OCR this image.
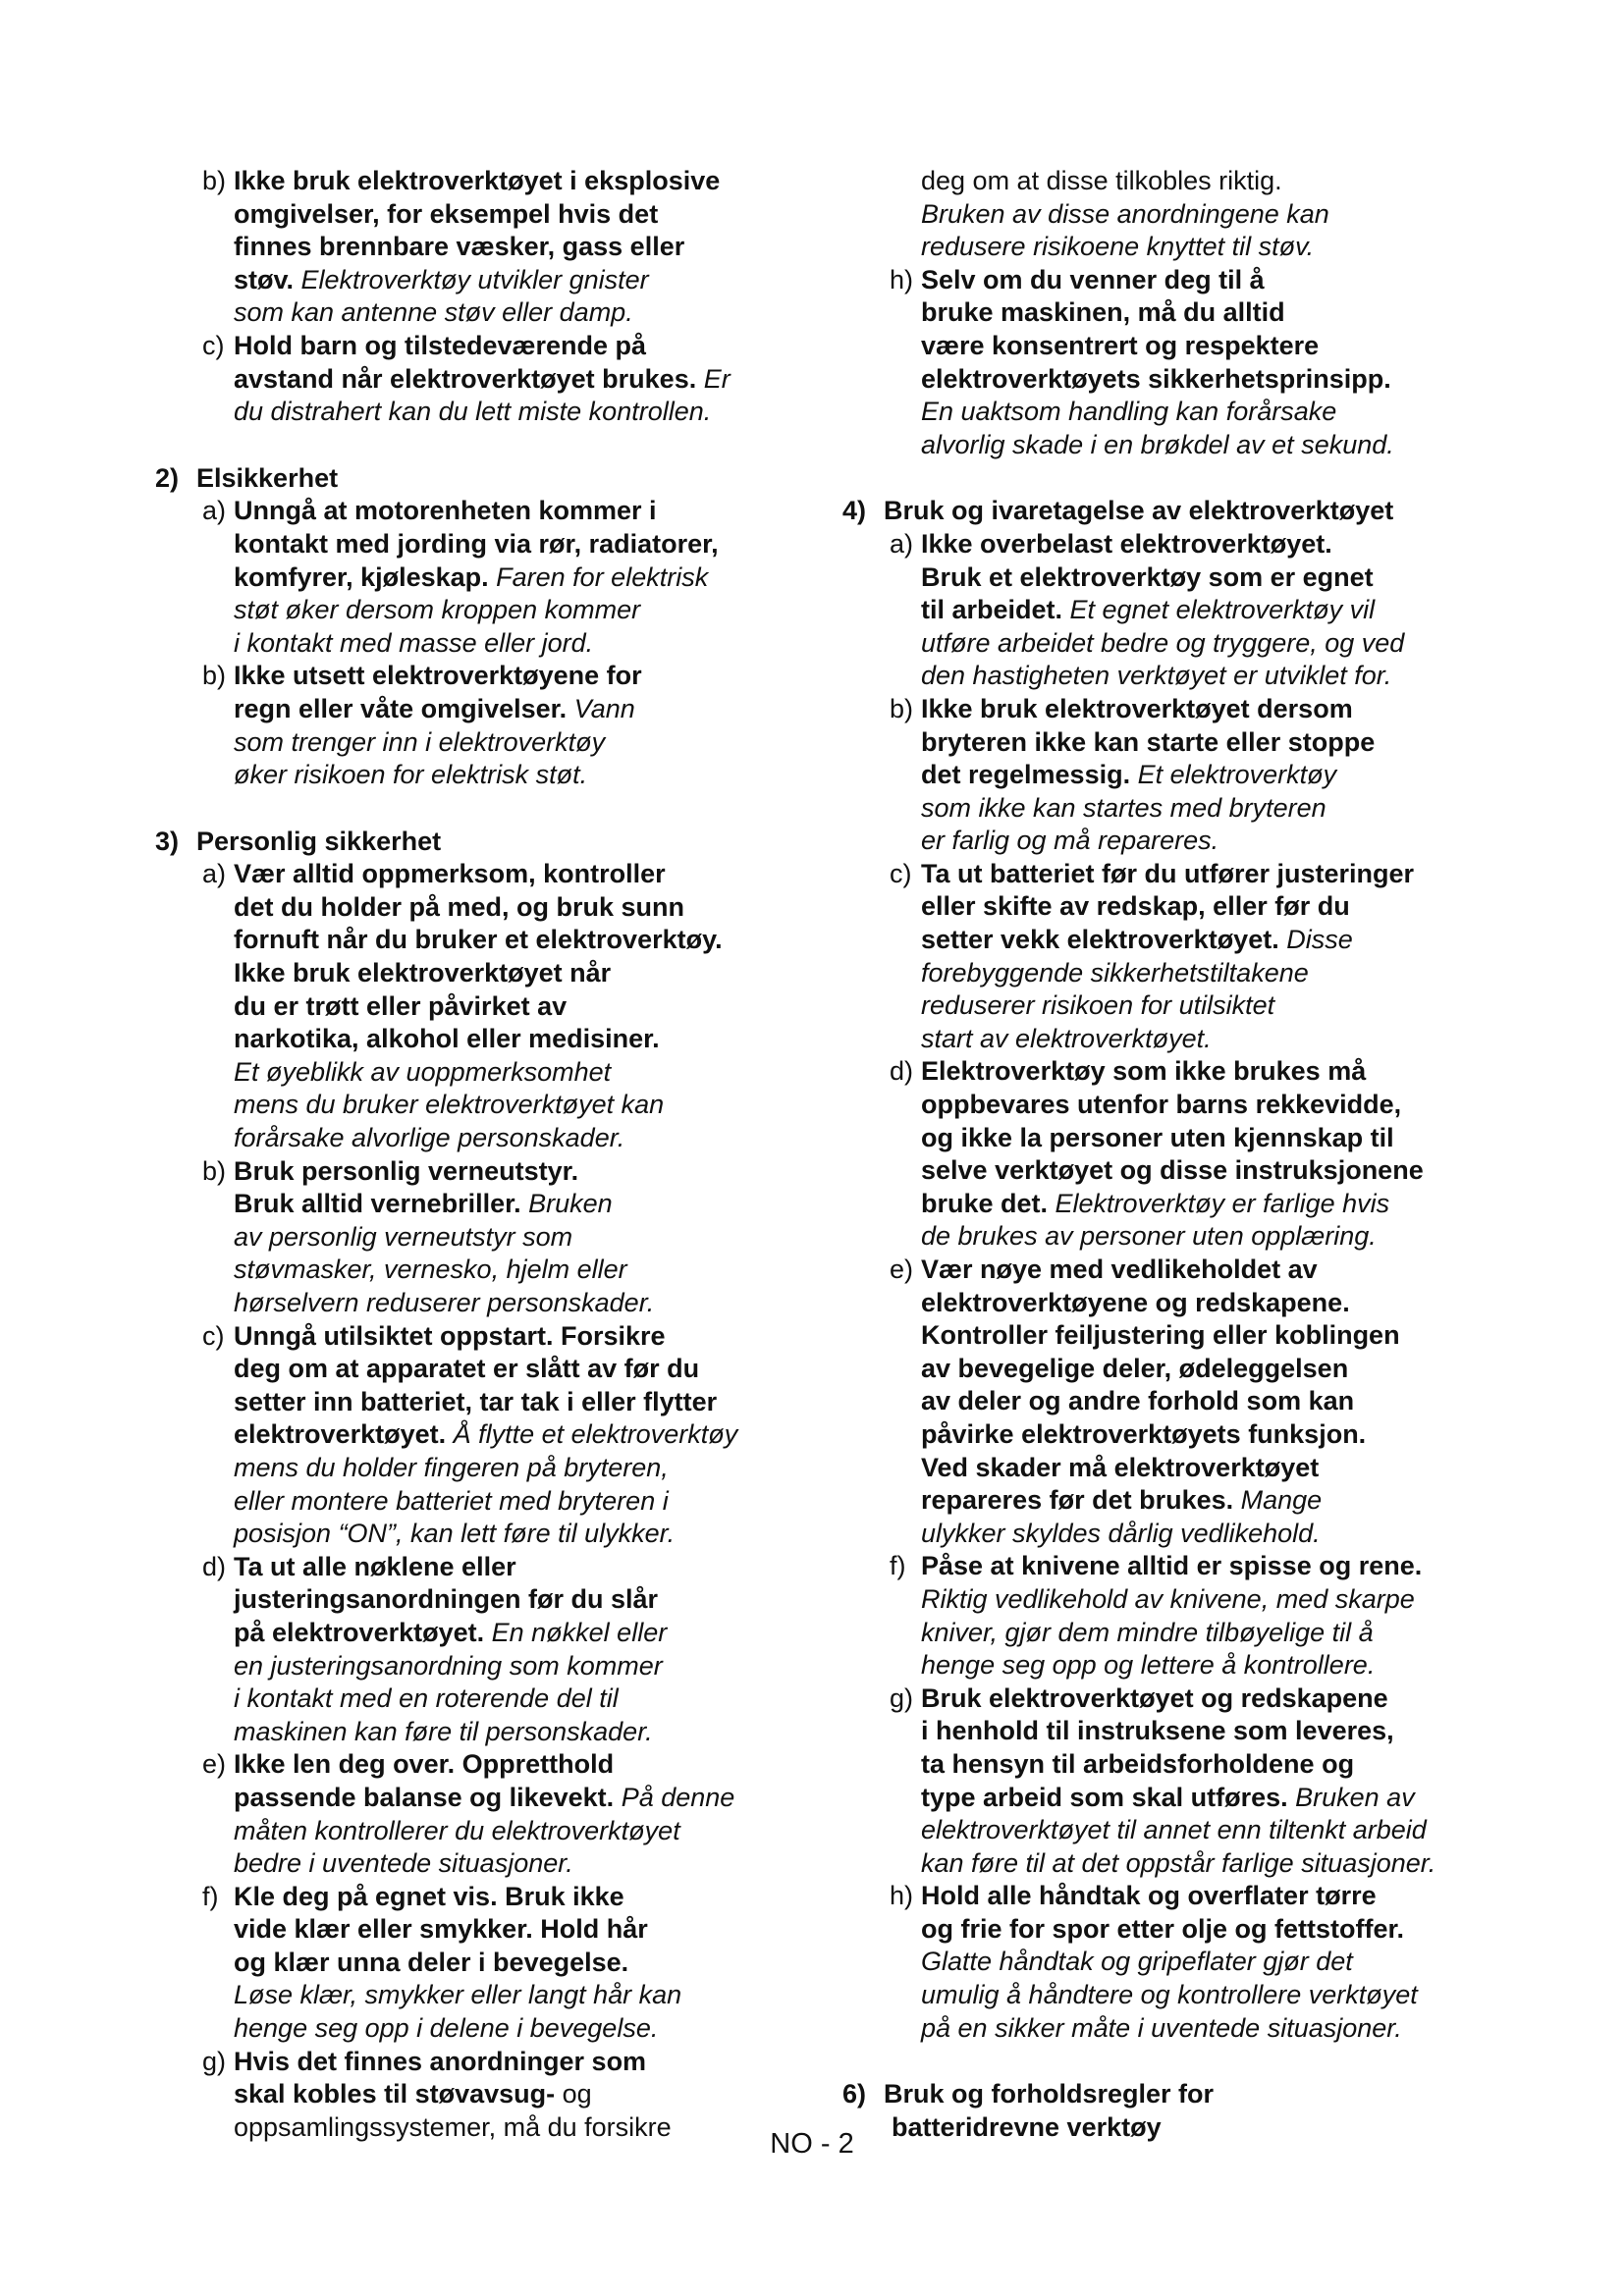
b) Ikke bruk elektroverktøyet i eksplosive
omgivelser, for eksempel hvis det
finnes brennbare væsker, gass eller
støv. Elektroverktøy utvikler gnister
som kan antenne støv eller damp.
c) Hold barn og tilstedeværende på
avstand når elektroverktøyet brukes. Er
du distrahert kan du lett miste kontrollen.
2) Elsikkerhet
a) Unngå at motorenheten kommer i
kontakt med jording via rør, radiatorer,
komfyrer, kjøleskap. Faren for elektrisk
støt øker dersom kroppen kommer
i kontakt med masse eller jord.
b) Ikke utsett elektroverktøyene for
regn eller våte omgivelser. Vann
som trenger inn i elektroverktøy
øker risikoen for elektrisk støt.
3) Personlig sikkerhet
a) Vær alltid oppmerksom, kontroller
det du holder på med, og bruk sunn
fornuft når du bruker et elektroverktøy.
Ikke bruk elektroverktøyet når
du er trøtt eller påvirket av
narkotika, alkohol eller medisiner.
Et øyeblikk av uoppmerksomhet
mens du bruker elektroverktøyet kan
forårsake alvorlige personskader.
b) Bruk personlig verneutstyr.
Bruk alltid vernebriller. Bruken
av personlig verneutstyr som
støvmasker, vernesko, hjelm eller
hørselvern reduserer personskader.
c) Unngå utilsiktet oppstart. Forsikre
deg om at apparatet er slått av før du
setter inn batteriet, tar tak i eller flytter
elektroverktøyet. Å flytte et elektroverktøy
mens du holder fingeren på bryteren,
eller montere batteriet med bryteren i
posisjon “ON”, kan lett føre til ulykker.
d) Ta ut alle nøklene eller
justeringsanordningen før du slår
på elektroverktøyet. En nøkkel eller
en justeringsanordning som kommer
i kontakt med en roterende del til
maskinen kan føre til personskader.
e) Ikke len deg over. Oppretthold
passende balanse og likevekt. På denne
måten kontrollerer du elektroverktøyet
bedre i uventede situasjoner.
f) Kle deg på egnet vis. Bruk ikke
vide klær eller smykker. Hold hår
og klær unna deler i bevegelse.
Løse klær, smykker eller langt hår kan
henge seg opp i delene i bevegelse.
g) Hvis det finnes anordninger som
skal kobles til støvavsug- og
oppsamlingssystemer, må du forsikre
deg om at disse tilkobles riktig.
Bruken av disse anordningene kan
redusere risikoene knyttet til støv.
h) Selv om du venner deg til å
bruke maskinen, må du alltid
være konsentrert og respektere
elektroverktøyets sikkerhetsprinsipp.
En uaktsom handling kan forårsake
alvorlig skade i en brøkdel av et sekund.
4) Bruk og ivaretagelse av elektroverktøyet
a) Ikke overbelast elektroverktøyet.
Bruk et elektroverktøy som er egnet
til arbeidet. Et egnet elektroverktøy vil
utføre arbeidet bedre og tryggere, og ved
den hastigheten verktøyet er utviklet for.
b) Ikke bruk elektroverktøyet dersom
bryteren ikke kan starte eller stoppe
det regelmessig. Et elektroverktøy
som ikke kan startes med bryteren
er farlig og må repareres.
c) Ta ut batteriet før du utfører justeringer
eller skifte av redskap, eller før du
setter vekk elektroverktøyet. Disse
forebyggende sikkerhetstiltakene
reduserer risikoen for utilsiktet
start av elektroverktøyet.
d) Elektroverktøy som ikke brukes må
oppbevares utenfor barns rekkevidde,
og ikke la personer uten kjennskap til
selve verktøyet og disse instruksjonene
bruke det. Elektroverktøy er farlige hvis
de brukes av personer uten opplæring.
e) Vær nøye med vedlikeholdet av
elektroverktøyene og redskapene.
Kontroller feiljustering eller koblingen
av bevegelige deler, ødeleggelsen
av deler og andre forhold som kan
påvirke elektroverktøyets funksjon.
Ved skader må elektroverktøyet
repareres før det brukes. Mange
ulykker skyldes dårlig vedlikehold.
f) Påse at knivene alltid er spisse og rene.
Riktig vedlikehold av knivene, med skarpe
kniver, gjør dem mindre tilbøyelige til å
henge seg opp og lettere å kontrollere.
g) Bruk elektroverktøyet og redskapene
i henhold til instruksene som leveres,
ta hensyn til arbeidsforholdene og
type arbeid som skal utføres. Bruken av
elektroverktøyet til annet enn tiltenkt arbeid
kan føre til at det oppstår farlige situasjoner.
h) Hold alle håndtak og overflater tørre
og frie for spor etter olje og fettstoffer.
Glatte håndtak og gripeflater gjør det
umulig å håndtere og kontrollere verktøyet
på en sikker måte i uventede situasjoner.
6) Bruk og forholdsregler for
batteridrevne verktøy
NO - 2
